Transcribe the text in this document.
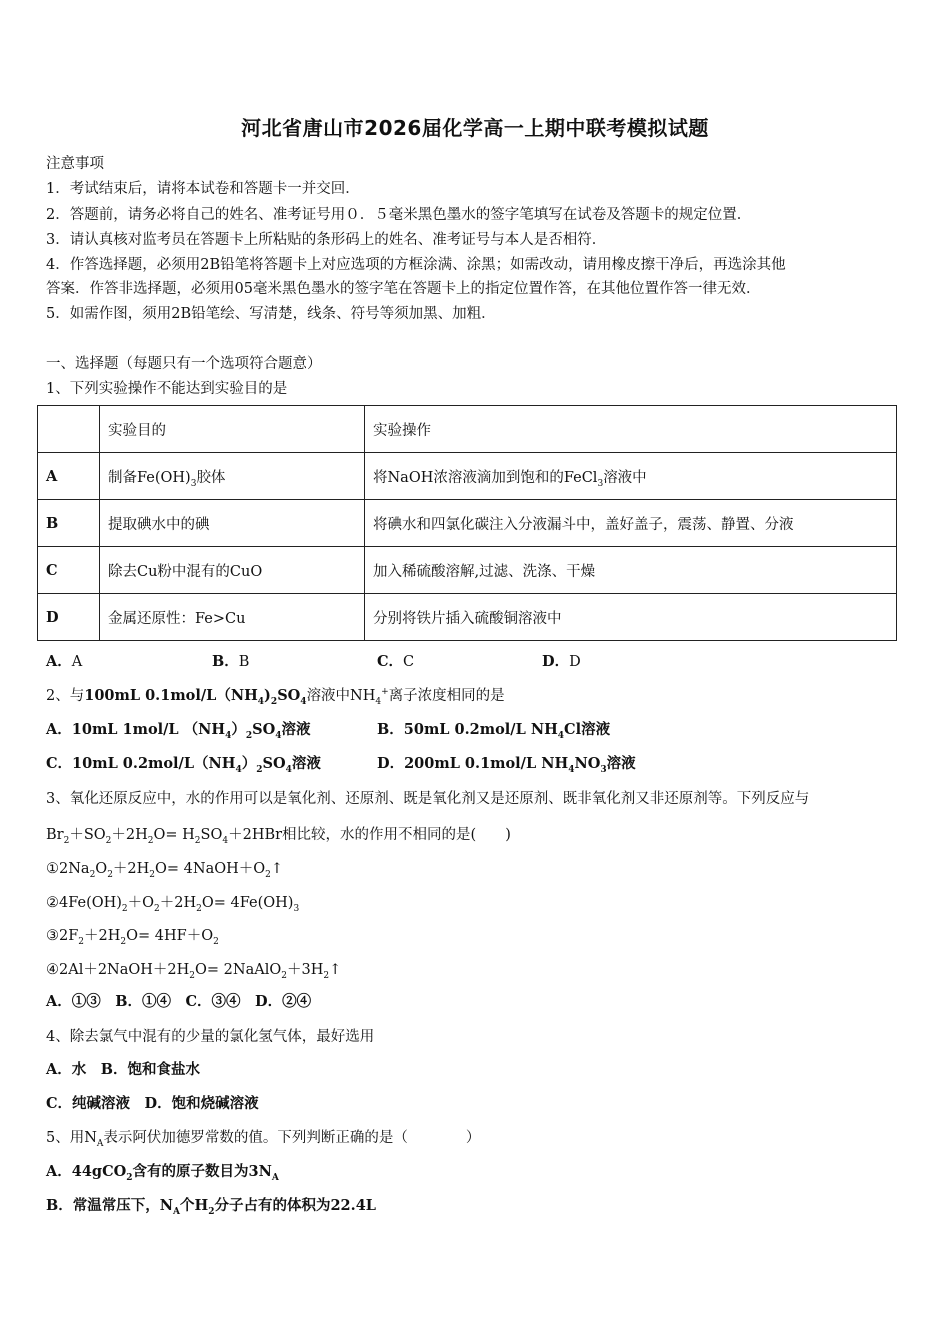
河北省唐山市2026届化学高一上期中联考模拟试题
注意事项
1．考试结束后，请将本试卷和答题卡一并交回．
2．答题前，请务必将自己的姓名、准考证号用０．５毫米黑色墨水的签字笔填写在试卷及答题卡的规定位置．
3．请认真核对监考员在答题卡上所粘贴的条形码上的姓名、准考证号与本人是否相符．
4．作答选择题，必须用2B铅笔将答题卡上对应选项的方框涂满、涂黑；如需改动，请用橡皮擦干净后，再选涂其他
答案．作答非选择题，必须用05毫米黑色墨水的签字笔在答题卡上的指定位置作答，在其他位置作答一律无效．
5．如需作图，须用2B铅笔绘、写清楚，线条、符号等须加黑、加粗．
一、选择题（每题只有一个选项符合题意）
1、下列实验操作不能达到实验目的是
	实验目的	实验操作
A	制备$Fe(OH)_3$胶体	将NaOH浓溶液滴加到饱和的FeCl$_3$溶液中
B	提取碘水中的碘	将碘水和四氯化碳注入分液漏斗中，盖好盖子，震荡、静置、分液
C	除去Cu粉中混有的CuO	加入稀硫酸溶解,过滤、洗涤、干燥
D	金属还原性：Fe>Cu	分别将铁片插入硫酸铜溶液中
A．A	B．B	C．C	D．D
2、与100mL $0.1mol/L(NH_4)_2SO_4$溶液中$NH_4^+$离子浓度相同的是
A．10mL 1mol/L $(NH_4)_2SO_4$溶液	B．50mL 0.2mol/L $NH_4Cl$溶液
C．10mL $0.2mol/L(NH_4)_2SO_4$溶液	D．200mL 0.1mol/L $NH_4NO_3$溶液
3、氧化还原反应中，水的作用可以是氧化剂、还原剂、既是氧化剂又是还原剂、既非氧化剂又非还原剂等。下列反应与
$Br_2+SO_2+2H_2O= H_2SO_4+2HBr$相比较，水的作用不相同的是(　　)
$①2Na_2O_2+2H_2O=$ $4NaOH+O_2↑$
$②4Fe(OH)_2+O_2+2H_2O= 4Fe(OH)_3$
$③2F_2+2H_2O= 4HF+O_2$
$④2Al+2NaOH+2H_2O=$ $2NaAlO_2+3H_2↑$
A．①③　B．①④　C．③④　D．②④
4、除去氯气中混有的少量的氯化氢气体，最好选用
A．水　B．饱和食盐水
C．纯碱溶液　D．饱和烧碱溶液
5、用$N_A$表示阿伏加德罗常数的值。下列判断正确的是（　　　　）
A．44gCO$_2$含有的原子数目为$3N_A$
B．常温常压下，$N_A$个$H_2$分子占有的体积为22.4L
